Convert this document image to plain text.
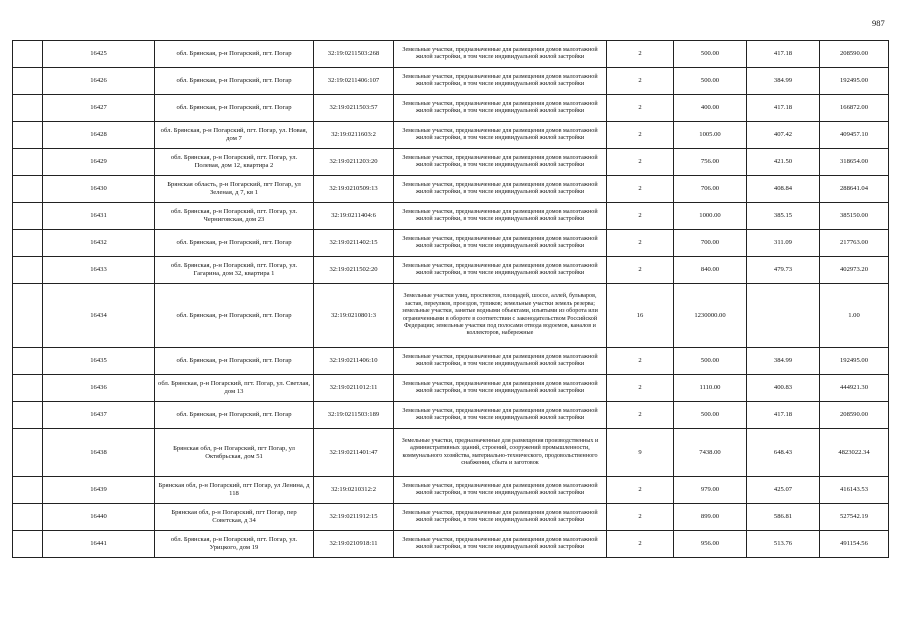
987
	16425	обл. Брянская, р-н Погарский, пгт. Погар	32:19:0211503:268	Земельные участки, предназначенные для размещения домов малоэтажной жилой застройки, в том числе индивидуальной жилой застройки	2	500.00	417.18	208590.00
	16426	обл. Брянская, р-н Погарский, пгт. Погар	32:19:0211406:107	Земельные участки, предназначенные для размещения домов малоэтажной жилой застройки, в том числе индивидуальной жилой застройки	2	500.00	384.99	192495.00
	16427	обл. Брянская, р-н Погарский, пгт. Погар	32:19:0211503:57	Земельные участки, предназначенные для размещения домов малоэтажной жилой застройки, в том числе индивидуальной жилой застройки	2	400.00	417.18	166872.00
	16428	обл. Брянская, р-н Погарский, пгт. Погар, ул. Новая, дом 7	32:19:0211603:2	Земельные участки, предназначенные для размещения домов малоэтажной жилой застройки, в том числе индивидуальной жилой застройки	2	1005.00	407.42	409457.10
	16429	обл. Брянская, р-н Погарский, пгт. Погар, ул. Полевая, дом 12, квартира 2	32:19:0211203:20	Земельные участки, предназначенные для размещения домов малоэтажной жилой застройки, в том числе индивидуальной жилой застройки	2	756.00	421.50	318654.00
	16430	Брянская область, р-н Погарский, пгт Погар, ул Зеленая, д 7, кв 1	32:19:0210509:13	Земельные участки, предназначенные для размещения домов малоэтажной жилой застройки, в том числе индивидуальной жилой застройки	2	706.00	408.84	288641.04
	16431	обл. Брянская, р-н Погарский, пгт. Погар, ул. Черниговская, дом 23	32:19:0211404:6	Земельные участки, предназначенные для размещения домов малоэтажной жилой застройки, в том числе индивидуальной жилой застройки	2	1000.00	385.15	385150.00
	16432	обл. Брянская, р-н Погарский, пгт. Погар	32:19:0211402:15	Земельные участки, предназначенные для размещения домов малоэтажной жилой застройки, в том числе индивидуальной жилой застройки	2	700.00	311.09	217763.00
	16433	обл. Брянская, р-н Погарский, пгт. Погар, ул. Гагарина, дом 32, квартира 1	32:19:0211502:20	Земельные участки, предназначенные для размещения домов малоэтажной жилой застройки, в том числе индивидуальной жилой застройки	2	840.00	479.73	402973.20
	16434	обл. Брянская, р-н Погарский, пгт. Погар	32:19:0210801:3	Земельные участки улиц, проспектов, площадей, шоссе, аллей, бульваров, застав, переулков, проездов, тупиков; земельные участки земель резерва; земельные участки, занятые водными объектами, изъятыми из оборота или ограниченными в обороте в соответствии с законодательством Российской Федерации; земельные участки под полосами отвода водоемов, каналов и коллекторов, набережные	16	1230000.00		1.00
	16435	обл. Брянская, р-н Погарский, пгт. Погар	32:19:0211406:10	Земельные участки, предназначенные для размещения домов малоэтажной жилой застройки, в том числе индивидуальной жилой застройки	2	500.00	384.99	192495.00
	16436	обл. Брянская, р-н Погарский, пгт. Погар, ул. Светлая, дом 13	32:19:0211012:11	Земельные участки, предназначенные для размещения домов малоэтажной жилой застройки, в том числе индивидуальной жилой застройки	2	1110.00	400.83	444921.30
	16437	обл. Брянская, р-н Погарский, пгт. Погар	32:19:0211503:189	Земельные участки, предназначенные для размещения домов малоэтажной жилой застройки, в том числе индивидуальной жилой застройки	2	500.00	417.18	208590.00
	16438	Брянская обл, р-н Погарский, пгт Погар, ул Октябрьская, дом 51	32:19:0211401:47	Земельные участки, предназначенные для размещения производственных и административных зданий, строений, сооружений промышленности, коммунального хозяйства, материально-технического, продовольственного снабжения, сбыта и заготовок	9	7438.00	648.43	4823022.34
	16439	Брянская обл, р-н Погарский, пгт Погар, ул Ленина, д 118	32:19:0210312:2	Земельные участки, предназначенные для размещения домов малоэтажной жилой застройки, в том числе индивидуальной жилой застройки	2	979.00	425.07	416143.53
	16440	Брянская обл, р-н Погарский, пгт Погар, пер Советская, д 34	32:19:0211912:15	Земельные участки, предназначенные для размещения домов малоэтажной жилой застройки, в том числе индивидуальной жилой застройки	2	899.00	586.81	527542.19
	16441	обл. Брянская, р-н Погарский, пгт. Погар, ул. Урицкого, дом 19	32:19:0210918:11	Земельные участки, предназначенные для размещения домов малоэтажной жилой застройки, в том числе индивидуальной жилой застройки	2	956.00	513.76	491154.56
